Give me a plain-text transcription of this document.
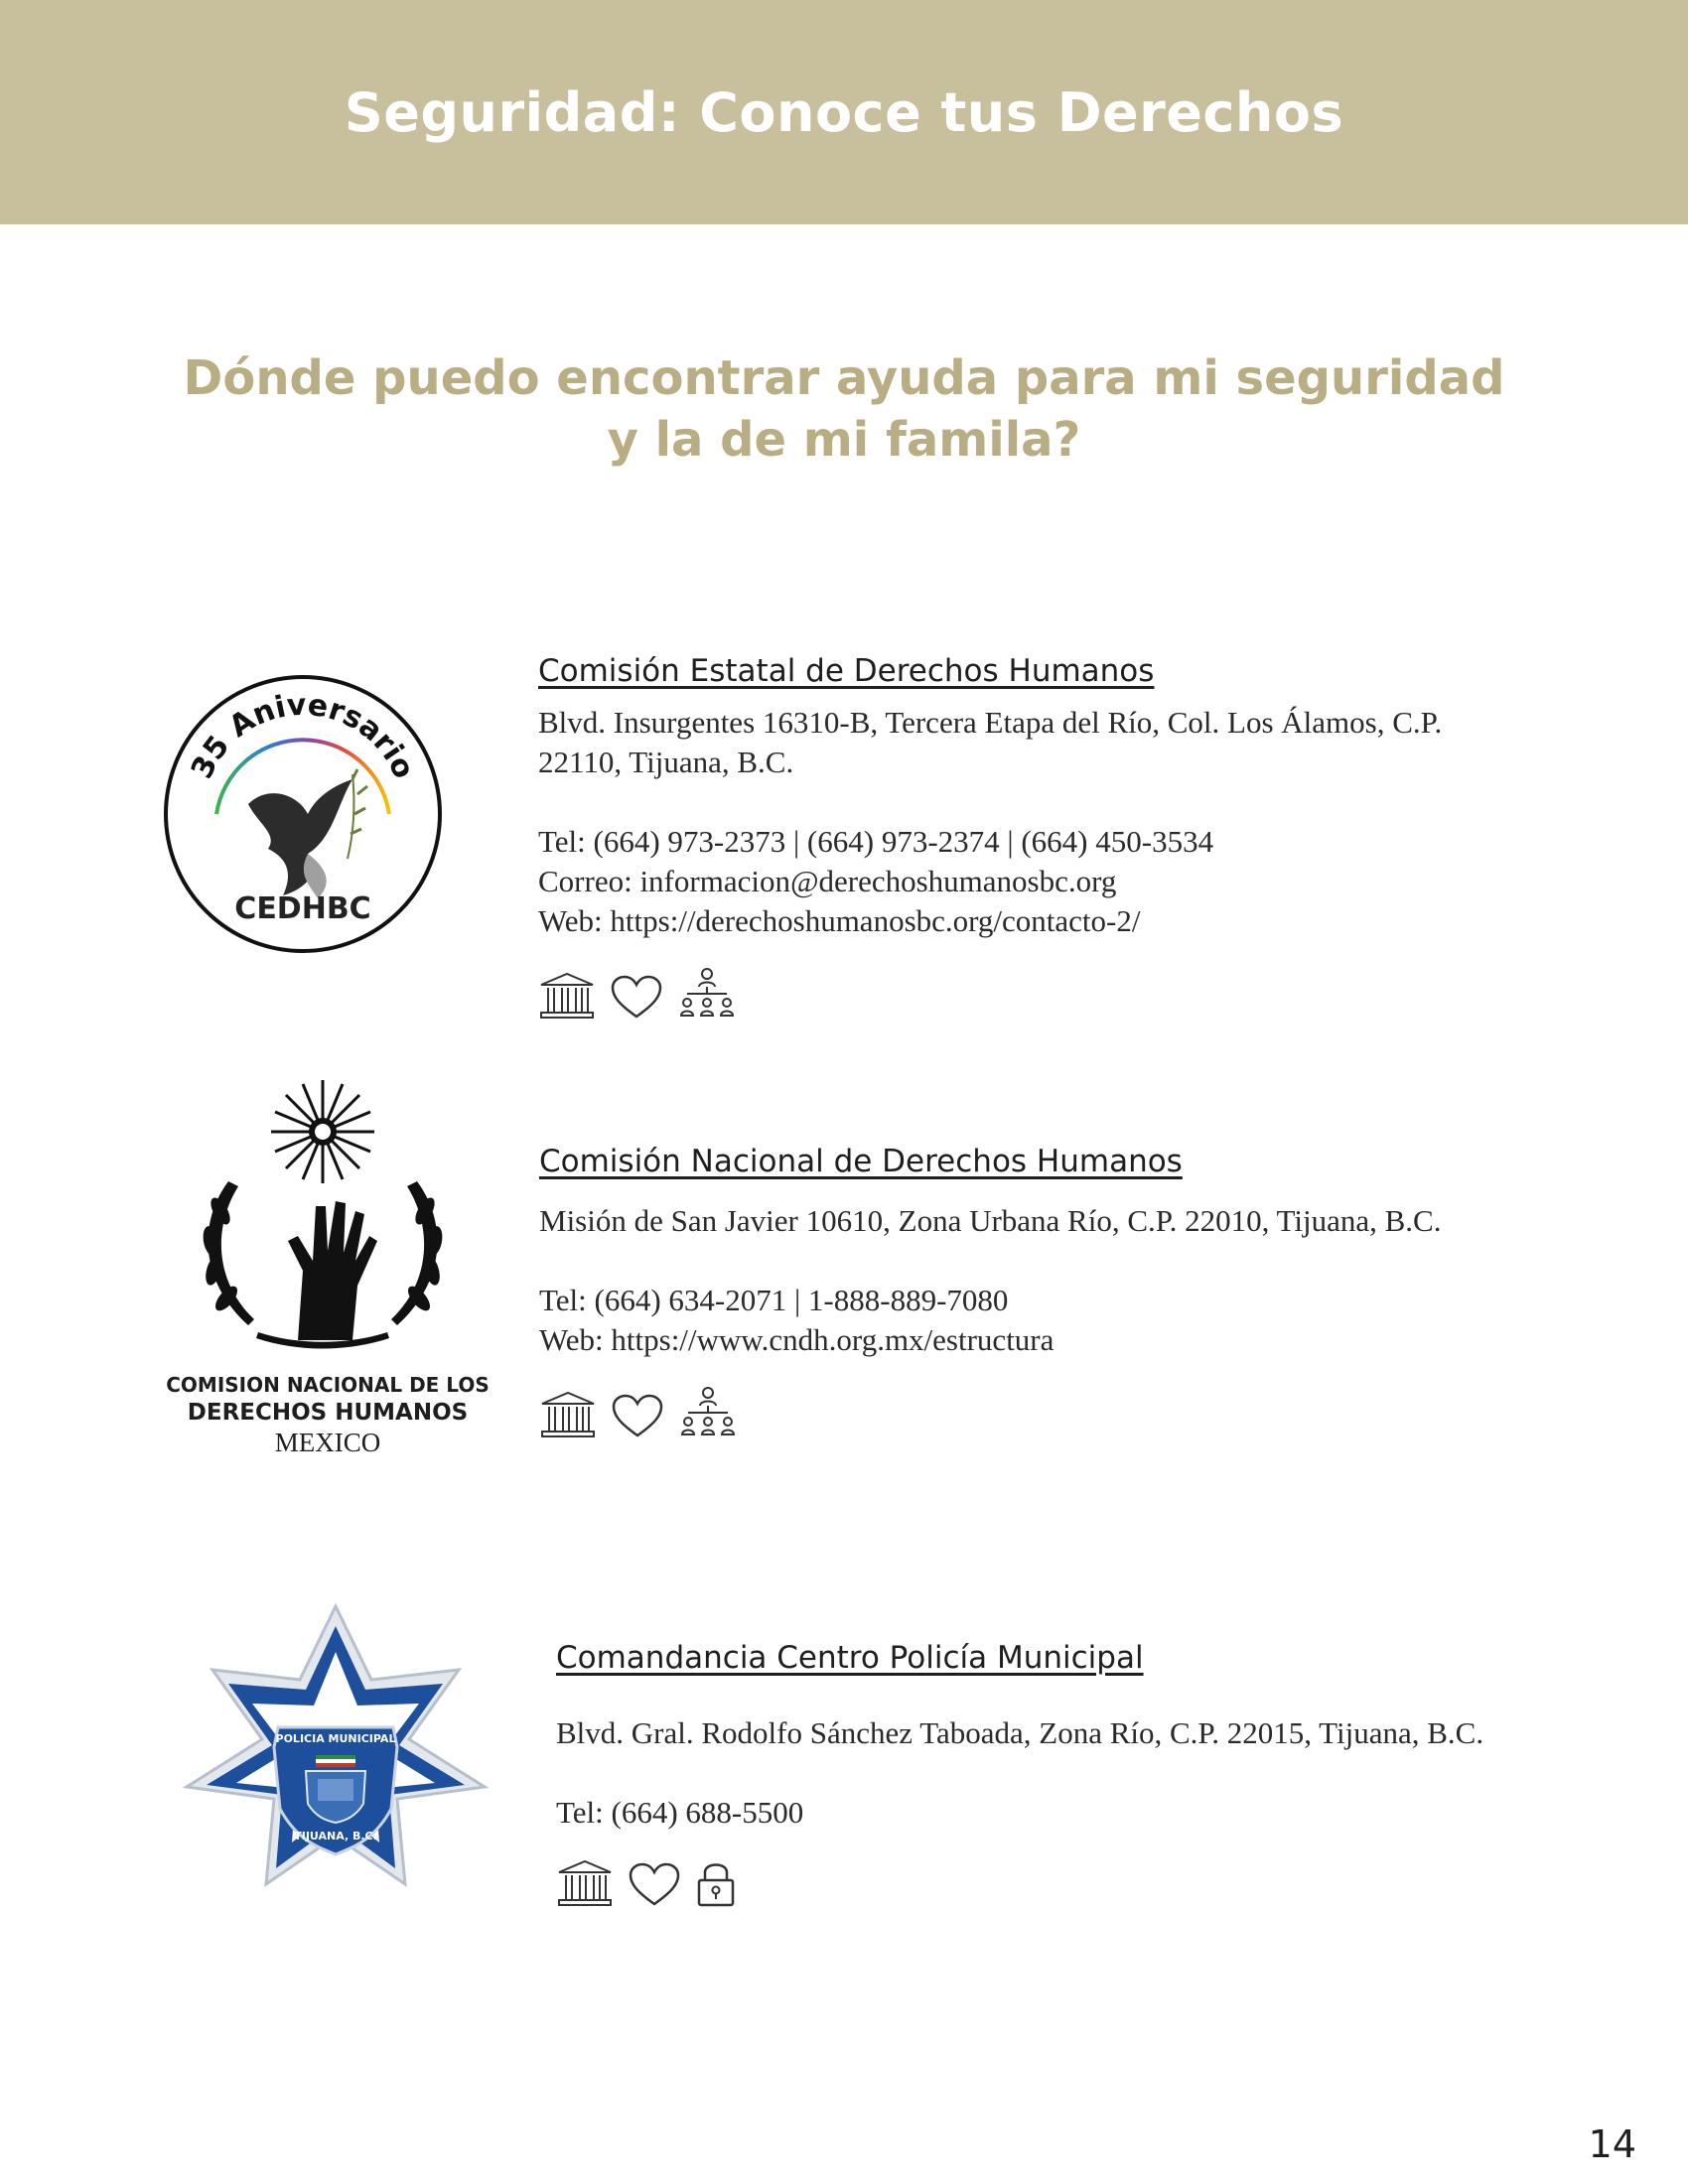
Seguridad: Conoce tus Derechos
Dónde puedo encontrar ayuda para mi seguridad
y la de mi famila?
35 Aniversario
CEDHBC
Comisión Estatal de Derechos Humanos

Blvd. Insurgentes 16310-B, Tercera Etapa del Río, Col. Los Álamos, C.P.

22110, Tijuana, B.C.

Tel: (664) 973-2373 | (664) 973-2374 | (664) 450-3534

Correo: informacion@derechoshumanosbc.org

Web: https://derechoshumanosbc.org/contacto-2/

COMISION NACIONAL DE LOS
DERECHOS HUMANOS
MEXICO
Comisión Nacional de Derechos Humanos

Misión de San Javier 10610, Zona Urbana Río, C.P. 22010, Tijuana, B.C.

Tel: (664) 634-2071 | 1-888-889-7080

Web: https://www.cndh.org.mx/estructura

POLICIA MUNICIPAL
TIJUANA, B.C.
Comandancia Centro Policía Municipal

Blvd. Gral. Rodolfo Sánchez Taboada, Zona Río, C.P. 22015, Tijuana, B.C.

Tel: (664) 688-5500

14
